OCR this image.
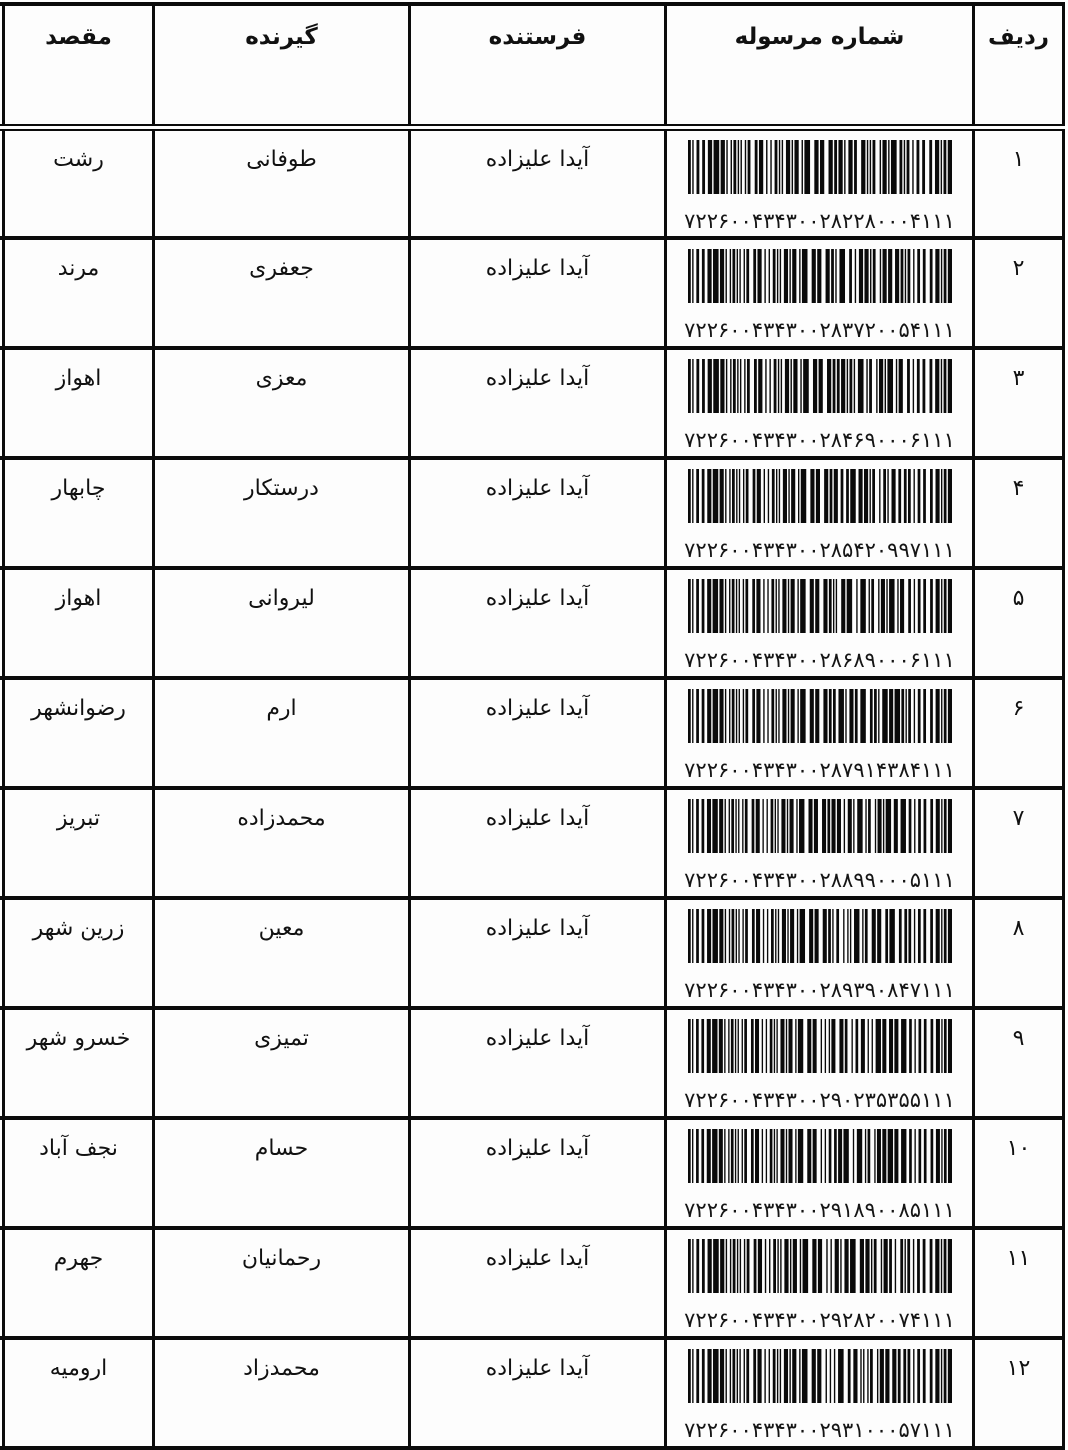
ردیف	شماره مرسوله	فرستنده	گیرنده	مقصد	
۱	۷۲۲۶۰۰۴۳۴۳۰۰۲۸۲۲۸۰۰۰۴۱۱۱	آیدا علیزاده	طوفانی	رشت	
۲	۷۲۲۶۰۰۴۳۴۳۰۰۲۸۳۷۲۰۰۵۴۱۱۱	آیدا علیزاده	جعفری	مرند	
۳	۷۲۲۶۰۰۴۳۴۳۰۰۲۸۴۶۹۰۰۰۶۱۱۱	آیدا علیزاده	معزی	اهواز	
۴	۷۲۲۶۰۰۴۳۴۳۰۰۲۸۵۴۲۰۹۹۷۱۱۱	آیدا علیزاده	درستکار	چابهار	
۵	۷۲۲۶۰۰۴۳۴۳۰۰۲۸۶۸۹۰۰۰۶۱۱۱	آیدا علیزاده	لیروانی	اهواز	
۶	۷۲۲۶۰۰۴۳۴۳۰۰۲۸۷۹۱۴۳۸۴۱۱۱	آیدا علیزاده	ارم	رضوانشهر	
۷	۷۲۲۶۰۰۴۳۴۳۰۰۲۸۸۹۹۰۰۰۵۱۱۱	آیدا علیزاده	محمدزاده	تبریز	
۸	۷۲۲۶۰۰۴۳۴۳۰۰۲۸۹۳۹۰۸۴۷۱۱۱	آیدا علیزاده	معین	زرین شهر	
۹	۷۲۲۶۰۰۴۳۴۳۰۰۲۹۰۲۳۵۳۵۵۱۱۱	آیدا علیزاده	تمیزی	خسرو شهر	
۱۰	۷۲۲۶۰۰۴۳۴۳۰۰۲۹۱۸۹۰۰۸۵۱۱۱	آیدا علیزاده	حسام	نجف آباد	
۱۱	۷۲۲۶۰۰۴۳۴۳۰۰۲۹۲۸۲۰۰۷۴۱۱۱	آیدا علیزاده	رحمانیان	جهرم	
۱۲	۷۲۲۶۰۰۴۳۴۳۰۰۲۹۳۱۰۰۰۵۷۱۱۱	آیدا علیزاده	محمدزاد	ارومیه	
